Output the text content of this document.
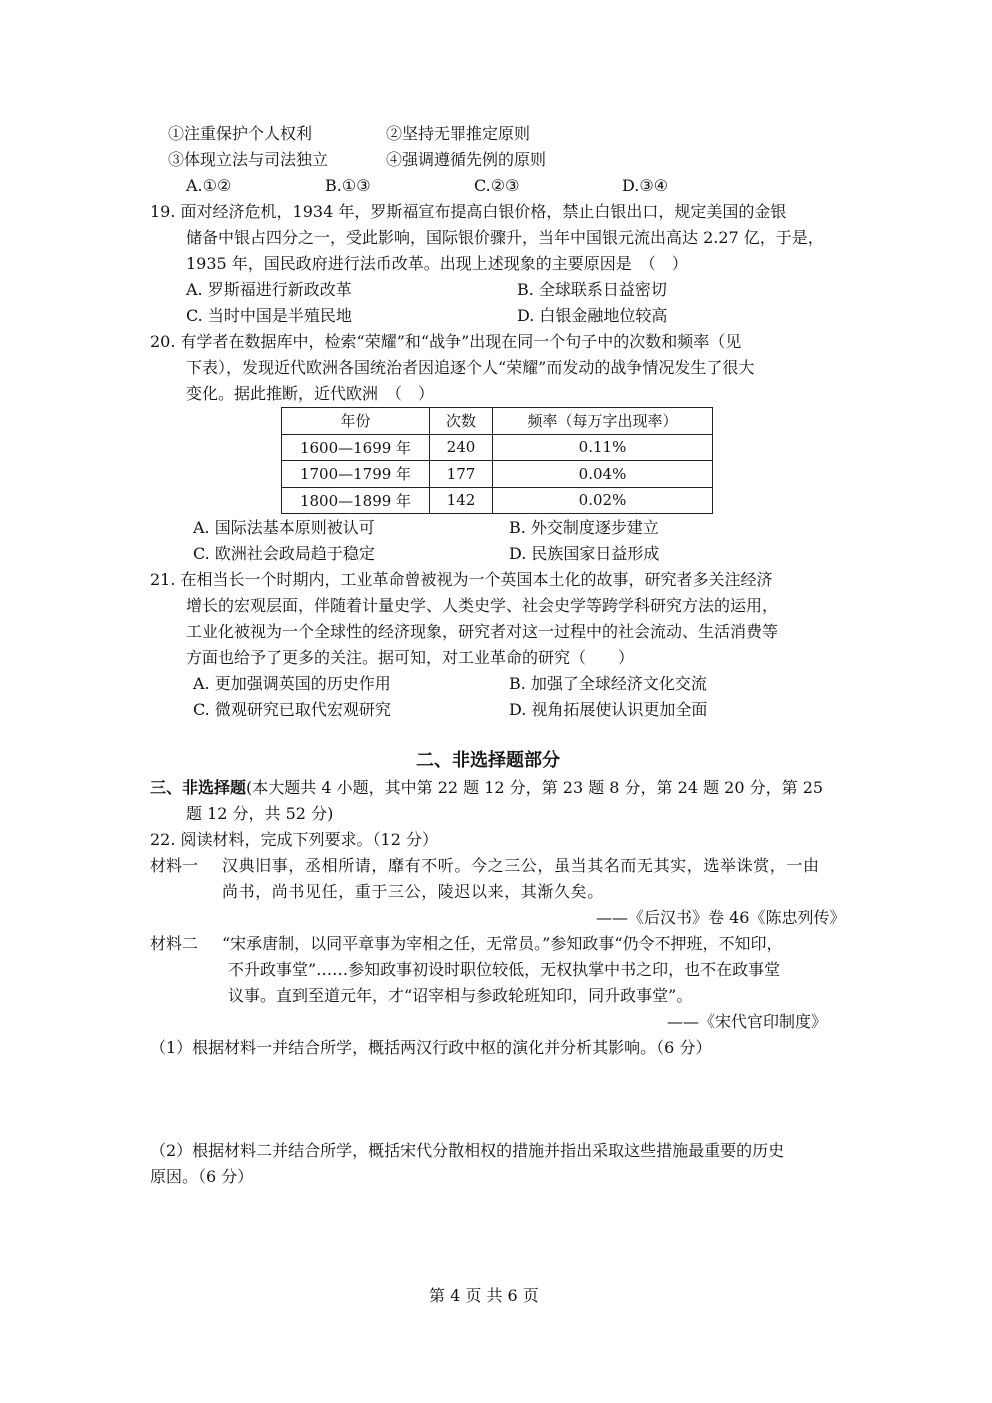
①注重保护个人权利	②坚持无罪推定原则
③体现立法与司法独立	④强调遵循先例的原则
A.①②	B.①③	C.②③	D.③④
19. 面对经济危机，1934 年，罗斯福宣布提高白银价格，禁止白银出口，规定美国的金银
储备中银占四分之一，受此影响，国际银价骤升，当年中国银元流出高达 2.27 亿，于是，
1935 年，国民政府进行法币改革。出现上述现象的主要原因是　（　）
A. 罗斯福进行新政改革	B. 全球联系日益密切
C. 当时中国是半殖民地	D. 白银金融地位较高
20. 有学者在数据库中，检索“荣耀”和“战争”出现在同一个句子中的次数和频率（见
下表），发现近代欧洲各国统治者因追逐个人“荣耀”而发动的战争情况发生了很大
变化。据此推断，近代欧洲　（　）
年份	次数	频率（每万字出现率）
1600—1699 年	240	0.11%
1700—1799 年	177	0.04%
1800—1899 年	142	0.02%
A. 国际法基本原则被认可	B. 外交制度逐步建立
C. 欧洲社会政局趋于稳定	D. 民族国家日益形成
21. 在相当长一个时期内，工业革命曾被视为一个英国本土化的故事，研究者多关注经济
增长的宏观层面，伴随着计量史学、人类史学、社会史学等跨学科研究方法的运用，
工业化被视为一个全球性的经济现象，研究者对这一过程中的社会流动、生活消费等
方面也给予了更多的关注。据可知，对工业革命的研究（　　）
A. 更加强调英国的历史作用	B. 加强了全球经济文化交流
C. 微观研究已取代宏观研究	D. 视角拓展使认识更加全面
二、非选择题部分
三、非选择题(本大题共 4 小题，其中第 22 题 12 分，第 23 题 8 分，第 24 题 20 分，第 25
题 12 分，共 52 分)
22. 阅读材料，完成下列要求。（12 分）
材料一 汉典旧事，丞相所请，靡有不听。今之三公，虽当其名而无其实，选举诛赏，一由
尚书，尚书见任，重于三公，陵迟以来，其渐久矣。
——《后汉书》卷 46《陈忠列传》
材料二 “宋承唐制，以同平章事为宰相之任，无常员。”参知政事“仍令不押班，不知印，
不升政事堂”……参知政事初设时职位较低，无权执掌中书之印，也不在政事堂
议事。直到至道元年，才“诏宰相与参政轮班知印，同升政事堂”。
——《宋代官印制度》
（1）根据材料一并结合所学，概括两汉行政中枢的演化并分析其影响。（6 分）
（2）根据材料二并结合所学，概括宋代分散相权的措施并指出采取这些措施最重要的历史
原因。（6 分）
第 4 页 共 6 页
